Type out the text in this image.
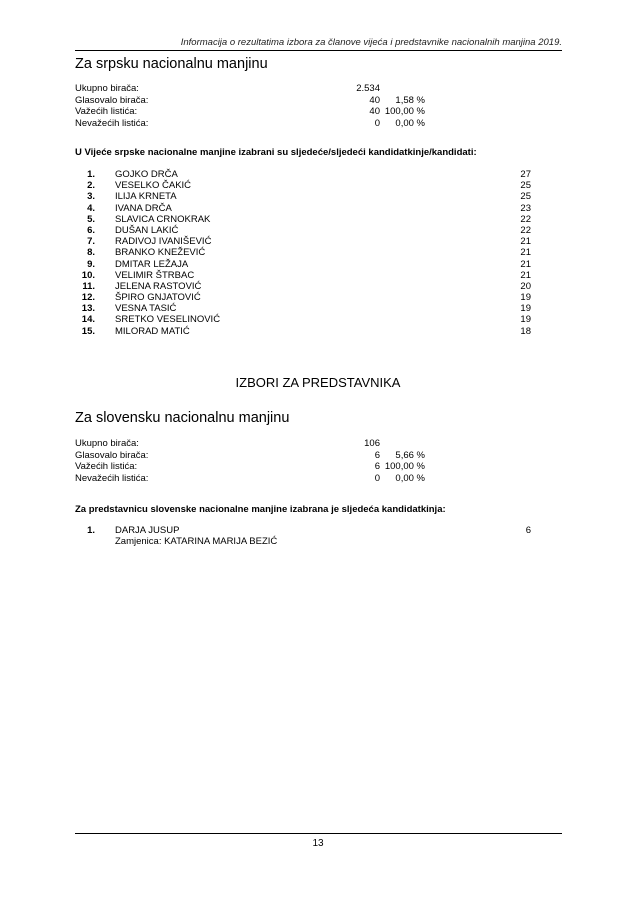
Informacija o rezultatima izbora za članove vijeća i predstavnike nacionalnih manjina 2019.
Za srpsku nacionalnu manjinu
Ukupno birača:	2.534
Glasovalo birača:	40	1,58 %
Važećih listića:	40 100,00 %
Nevažećih listića:	0	0,00 %
U Vijeće srpske nacionalne manjine izabrani su sljedeće/sljedeći kandidatkinje/kandidati:
1. GOJKO DRČA	27
2. VESELKO ČAKIĆ	25
3. ILIJA KRNETA	25
4. IVANA DRČA	23
5. SLAVICA CRNOKRAK	22
6. DUŠAN LAKIĆ	22
7. RADIVOJ IVANIŠEVIĆ	21
8. BRANKO KNEŽEVIĆ	21
9. DMITAR LEŽAJA	21
10. VELIMIR ŠTRBAC	21
11. JELENA RASTOVIĆ	20
12. ŠPIRO GNJATOVIĆ	19
13. VESNA TASIĆ	19
14. SRETKO VESELINOVIĆ	19
15. MILORAD MATIĆ	18
IZBORI ZA PREDSTAVNIKA
Za slovensku nacionalnu manjinu
Ukupno birača:	106
Glasovalo birača:	6	5,66 %
Važećih listića:	6 100,00 %
Nevažećih listića:	0	0,00 %
Za predstavnicu slovenske nacionalne manjine izabrana je sljedeća kandidatkinja:
1. DARJA JUSUP	6
Zamjenica: KATARINA MARIJA BEZIĆ
13
